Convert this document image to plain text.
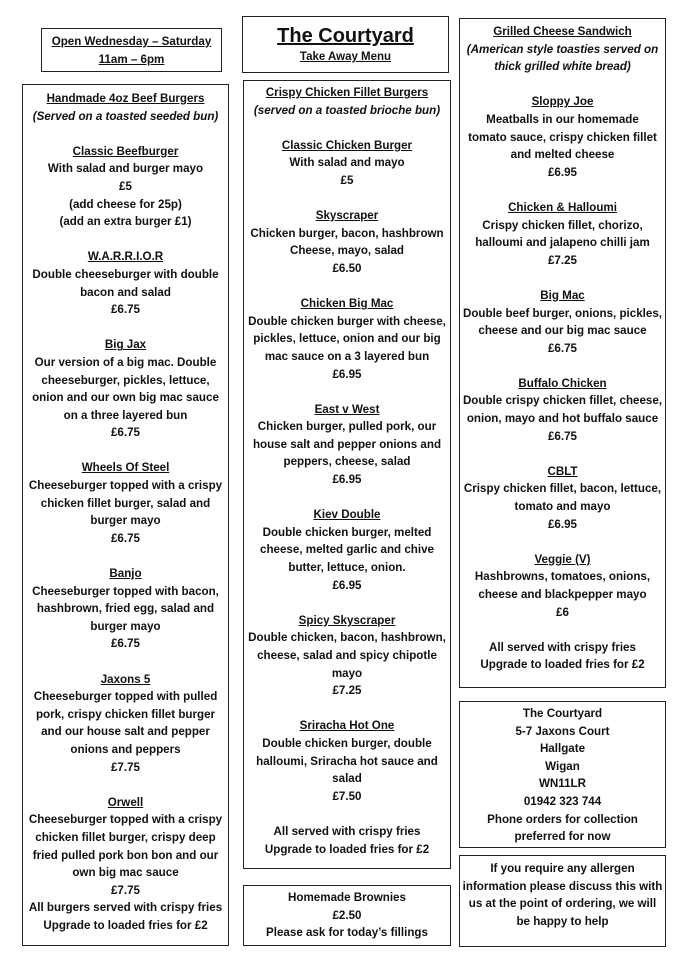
Open Wednesday – Saturday
11am – 6pm
The Courtyard
Take Away Menu
Handmade 4oz Beef Burgers
(Served on a toasted seeded bun)
Classic Beefburger
With salad and burger mayo
£5
(add cheese for 25p)
(add an extra burger £1)
W.A.R.R.I.O.R
Double cheeseburger with double
bacon and salad
£6.75
Big Jax
Our version of a big mac. Double
cheeseburger, pickles, lettuce,
onion and our own big mac sauce
on a three layered bun
£6.75
Wheels Of Steel
Cheeseburger topped with a crispy
chicken fillet burger, salad and
burger mayo
£6.75
Banjo
Cheeseburger topped with bacon,
hashbrown, fried egg, salad and
burger mayo
£6.75
Jaxons 5
Cheeseburger topped with pulled
pork, crispy chicken fillet burger
and our house salt and pepper
onions and peppers
£7.75
Orwell
Cheeseburger topped with a crispy
chicken fillet burger, crispy deep
fried pulled pork bon bon and our
own big mac sauce
£7.75
All burgers served with crispy fries
Upgrade to loaded fries for £2
Crispy Chicken Fillet Burgers
(served on a toasted brioche bun)
Classic Chicken Burger
With salad and mayo
£5
Skyscraper
Chicken burger, bacon, hashbrown
Cheese, mayo, salad
£6.50
Chicken Big Mac
Double chicken burger with cheese,
pickles, lettuce, onion and our big
mac sauce on a 3 layered bun
£6.95
East v West
Chicken burger, pulled pork, our
house salt and pepper onions and
peppers, cheese, salad
£6.95
Kiev Double
Double chicken burger, melted
cheese, melted garlic and chive
butter, lettuce, onion.
£6.95
Spicy Skyscraper
Double chicken, bacon, hashbrown,
cheese, salad and spicy chipotle
mayo
£7.25
Sriracha Hot One
Double chicken burger, double
halloumi, Sriracha hot sauce and
salad
£7.50
All served with crispy fries
Upgrade to loaded fries for £2
Homemade Brownies
£2.50
Please ask for today’s fillings
Grilled Cheese Sandwich
(American style toasties served on
thick grilled white bread)
Sloppy Joe
Meatballs in our homemade
tomato sauce, crispy chicken fillet
and melted cheese
£6.95
Chicken & Halloumi
Crispy chicken fillet, chorizo,
halloumi and jalapeno chilli jam
£7.25
Big Mac
Double beef burger, onions, pickles,
cheese and our big mac sauce
£6.75
Buffalo Chicken
Double crispy chicken fillet, cheese,
onion, mayo and hot buffalo sauce
£6.75
CBLT
Crispy chicken fillet, bacon, lettuce,
tomato and mayo
£6.95
Veggie (V)
Hashbrowns, tomatoes, onions,
cheese and blackpepper mayo
£6
All served with crispy fries
Upgrade to loaded fries for £2
The Courtyard
5-7 Jaxons Court
Hallgate
Wigan
WN11LR
01942 323 744
Phone orders for collection
preferred for now
If you require any allergen
information please discuss this with
us at the point of ordering, we will
be happy to help
